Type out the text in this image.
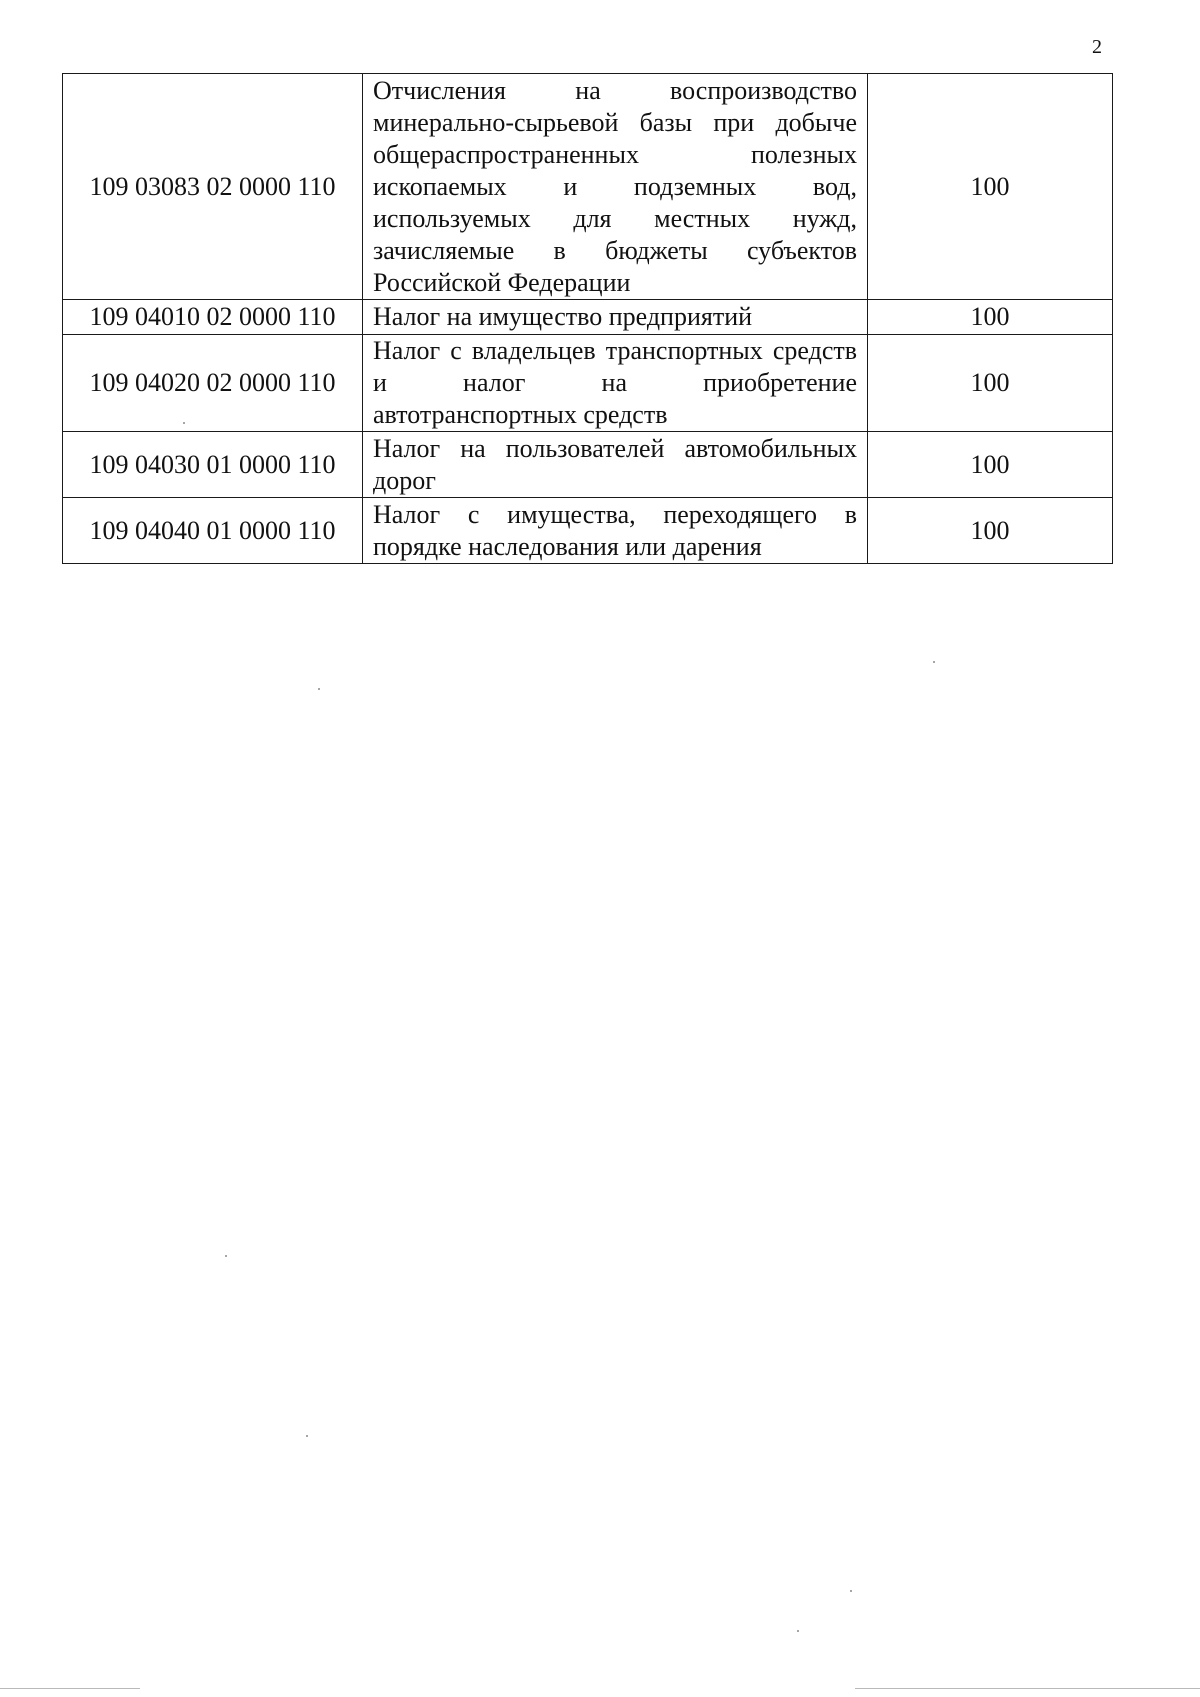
2
109 03083 02 0000 110	Отчисления на воспроизводство минерально-сырьевой базы при добыче общераспространенных полезных ископаемых и подземных вод, используемых для местных нужд, зачисляемые в бюджеты субъектов Российской Федерации	100
109 04010 02 0000 110	Налог на имущество предприятий	100
109 04020 02 0000 110	Налог с владельцев транспортных средств и налог на приобретение автотранспортных средств	100
109 04030 01 0000 110	Налог на пользователей автомобильных дорог	100
109 04040 01 0000 110	Налог с имущества, переходящего в порядке наследования или дарения	100
